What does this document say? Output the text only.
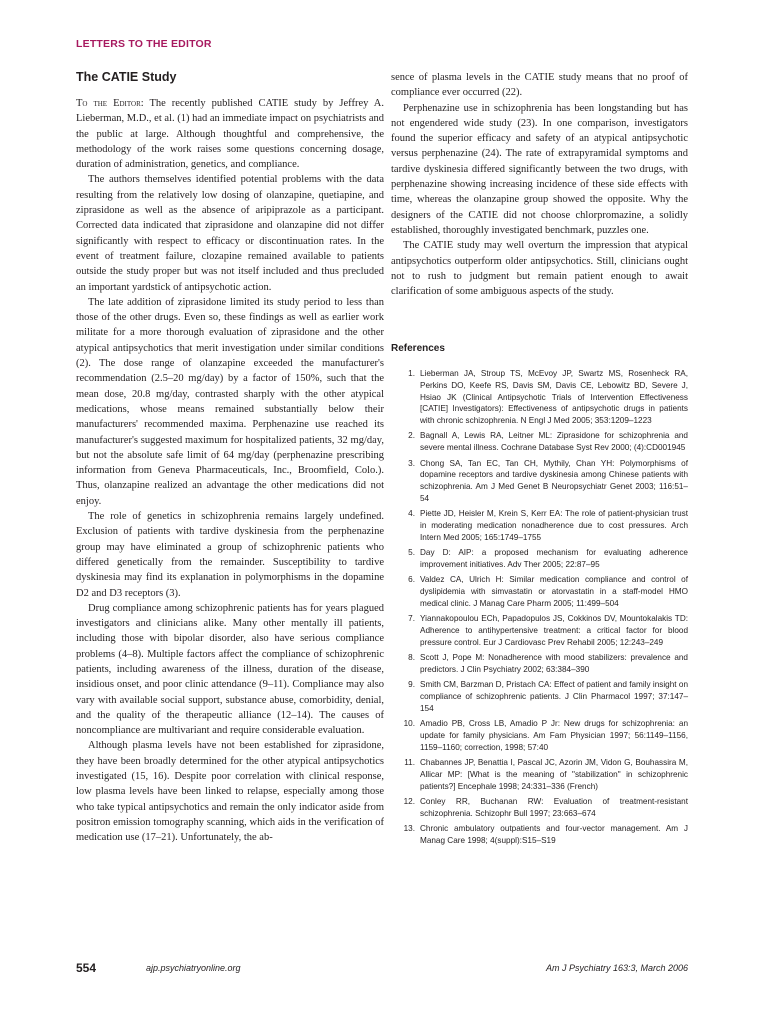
LETTERS TO THE EDITOR
The CATIE Study

To the Editor: The recently published CATIE study by Jeffrey A. Lieberman, M.D., et al. (1) had an immediate impact on psychiatrists and the public at large. Although thoughtful and comprehensive, the methodology of the work raises some questions concerning dosage, duration of administration, genetics, and compliance.

The authors themselves identified potential problems with the data resulting from the relatively low dosing of olanzapine, quetiapine, and ziprasidone as well as the absence of aripiprazole as a participant. Corrected data indicated that ziprasidone and olanzapine did not differ significantly with respect to efficacy or discontinuation rates. In the event of treatment failure, clozapine remained available to patients outside the study proper but was not itself included and thus precluded an important yardstick of antipsychotic action.

The late addition of ziprasidone limited its study period to less than those of the other drugs. Even so, these findings as well as earlier work militate for a more thorough evaluation of ziprasidone and the other atypical antipsychotics that merit investigation under similar conditions (2). The dose range of olanzapine exceeded the manufacturer's recommendation (2.5–20 mg/day) by a factor of 150%, such that the mean dose, 20.8 mg/day, contrasted sharply with the other atypical medications, whose means remained substantially below their manufacturers' recommended maxima. Perphenazine use reached its manufacturer's suggested maximum for hospitalized patients, 32 mg/day, but not the absolute safe limit of 64 mg/day (perphenazine prescribing information from Geneva Pharmaceuticals, Inc., Broomfield, Colo.). Thus, olanzapine realized an advantage the other medications did not enjoy.

The role of genetics in schizophrenia remains largely undefined. Exclusion of patients with tardive dyskinesia from the perphenazine group may have eliminated a group of schizophrenic patients who differed genetically from the remainder. Susceptibility to tardive dyskinesia may find its explanation in polymorphisms in the dopamine D2 and D3 receptors (3).

Drug compliance among schizophrenic patients has for years plagued investigators and clinicians alike. Many other mentally ill patients, including those with bipolar disorder, also have serious compliance problems (4–8). Multiple factors affect the compliance of schizophrenic patients, including awareness of the illness, duration of the disease, insidious onset, and poor clinic attendance (9–11). Compliance may also vary with available social support, substance abuse, comorbidity, denial, and the quality of the therapeutic alliance (12–14). The causes of noncompliance are multivariant and require considerable evaluation.

Although plasma levels have not been established for ziprasidone, they have been broadly determined for the other atypical antipsychotics investigated (15, 16). Despite poor correlation with clinical response, low plasma levels have been linked to relapse, especially among those who take typical antipsychotics and remain the only indicator aside from positron emission tomography scanning, which aids in the verification of medication use (17–21). Unfortunately, the ab-

sence of plasma levels in the CATIE study means that no proof of compliance ever occurred (22).

Perphenazine use in schizophrenia has been longstanding but has not engendered wide study (23). In one comparison, investigators found the superior efficacy and safety of an atypical antipsychotic versus perphenazine (24). The rate of extrapyramidal symptoms and tardive dyskinesia differed significantly between the two drugs, with perphenazine showing increasing incidence of these side effects with time, whereas the olanzapine group showed the opposite. Why the designers of the CATIE did not choose chlorpromazine, a solidly established, thoroughly investigated benchmark, puzzles one.

The CATIE study may well overturn the impression that atypical antipsychotics outperform older antipsychotics. Still, clinicians ought not to rush to judgment but remain patient enough to await clarification of some ambiguous aspects of the study.

References
1. Lieberman JA, Stroup TS, McEvoy JP, Swartz MS, Rosenheck RA, Perkins DO, Keefe RS, Davis SM, Davis CE, Lebowitz BD, Severe J, Hsiao JK (Clinical Antipsychotic Trials of Intervention Effectiveness [CATIE] Investigators): Effectiveness of antipsychotic drugs in patients with chronic schizophrenia. N Engl J Med 2005; 353:1209–1223
2. Bagnall A, Lewis RA, Leitner ML: Ziprasidone for schizophrenia and severe mental illness. Cochrane Database Syst Rev 2000; (4):CD001945
3. Chong SA, Tan EC, Tan CH, Mythily, Chan YH: Polymorphisms of dopamine receptors and tardive dyskinesia among Chinese patients with schizophrenia. Am J Med Genet B Neuropsychiatr Genet 2003; 116:51–54
4. Piette JD, Heisler M, Krein S, Kerr EA: The role of patient-physician trust in moderating medication nonadherence due to cost pressures. Arch Intern Med 2005; 165:1749–1755
5. Day D: AIP: a proposed mechanism for evaluating adherence improvement initiatives. Adv Ther 2005; 22:87–95
6. Valdez CA, Ulrich H: Similar medication compliance and control of dyslipidemia with simvastatin or atorvastatin in a staff-model HMO medical clinic. J Manag Care Pharm 2005; 11:499–504
7. Yiannakopoulou ECh, Papadopulos JS, Cokkinos DV, Mountokalakis TD: Adherence to antihypertensive treatment: a critical factor for blood pressure control. Eur J Cardiovasc Prev Rehabil 2005; 12:243–249
8. Scott J, Pope M: Nonadherence with mood stabilizers: prevalence and predictors. J Clin Psychiatry 2002; 63:384–390
9. Smith CM, Barzman D, Pristach CA: Effect of patient and family insight on compliance of schizophrenic patients. J Clin Pharmacol 1997; 37:147–154
10. Amadio PB, Cross LB, Amadio P Jr: New drugs for schizophrenia: an update for family physicians. Am Fam Physician 1997; 56:1149–1156, 1159–1160; correction, 1998; 57:40
11. Chabannes JP, Benattia I, Pascal JC, Azorin JM, Vidon G, Bouhassira M, Allicar MP: [What is the meaning of "stabilization" in schizophrenic patients?] Encephale 1998; 24:331–336 (French)
12. Conley RR, Buchanan RW: Evaluation of treatment-resistant schizophrenia. Schizophr Bull 1997; 23:663–674
13. Chronic ambulatory outpatients and four-vector management. Am J Manag Care 1998; 4(suppl):S15–S19
554	ajp.psychiatryonline.org	Am J Psychiatry 163:3, March 2006
